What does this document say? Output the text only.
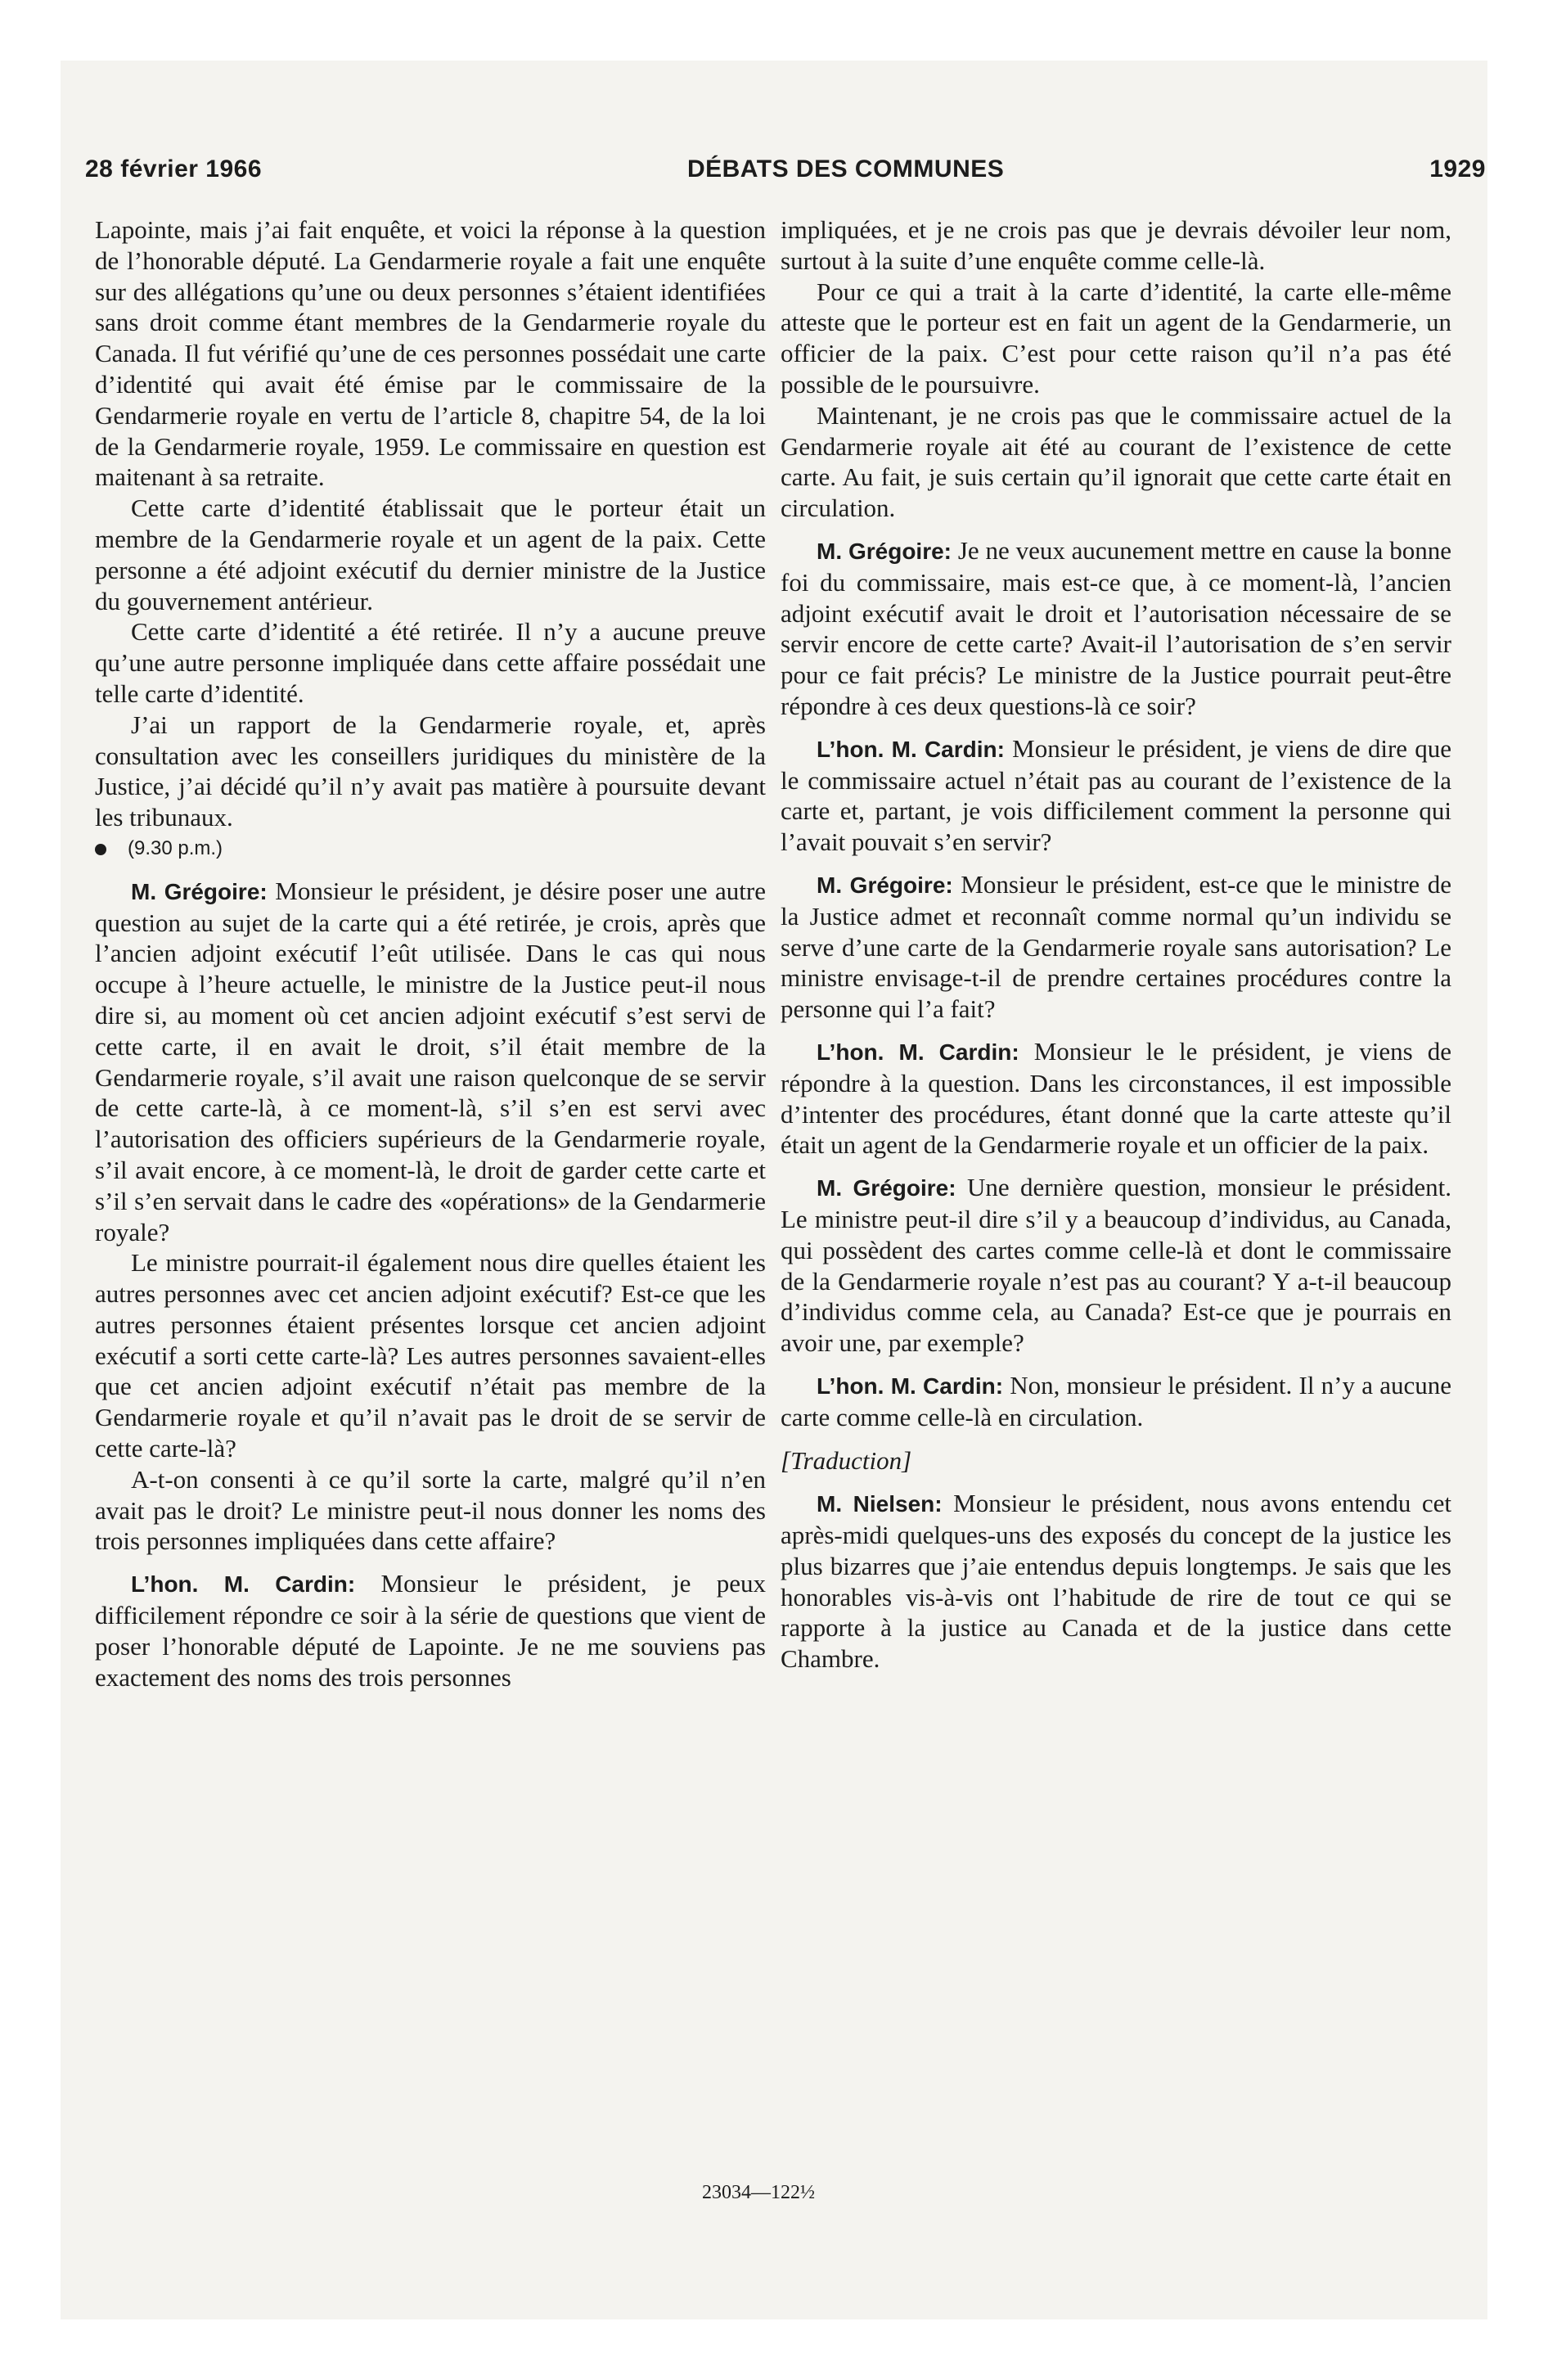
28 février 1966	DÉBATS DES COMMUNES	1929

Lapointe, mais j’ai fait enquête, et voici la réponse à la question de l’honorable député. La Gendarmerie royale a fait une enquête sur des allégations qu’une ou deux personnes s’étaient identifiées sans droit comme étant membres de la Gendarmerie royale du Canada. Il fut vérifié qu’une de ces personnes possédait une carte d’identité qui avait été émise par le commissaire de la Gendarmerie royale en vertu de l’article 8, chapitre 54, de la loi de la Gendarmerie royale, 1959. Le commissaire en question est maitenant à sa retraite.

Cette carte d’identité établissait que le porteur était un membre de la Gendarmerie royale et un agent de la paix. Cette personne a été adjoint exécutif du dernier ministre de la Justice du gouvernement antérieur.

Cette carte d’identité a été retirée. Il n’y a aucune preuve qu’une autre personne impliquée dans cette affaire possédait une telle carte d’identité.

J’ai un rapport de la Gendarmerie royale, et, après consultation avec les conseillers juridiques du ministère de la Justice, j’ai décidé qu’il n’y avait pas matière à poursuite devant les tribunaux.

(9.30 p.m.)

M. Grégoire: Monsieur le président, je désire poser une autre question au sujet de la carte qui a été retirée, je crois, après que l’ancien adjoint exécutif l’eût utilisée. Dans le cas qui nous occupe à l’heure actuelle, le ministre de la Justice peut-il nous dire si, au moment où cet ancien adjoint exécutif s’est servi de cette carte, il en avait le droit, s’il était membre de la Gendarmerie royale, s’il avait une raison quelconque de se servir de cette carte-là, à ce moment-là, s’il s’en est servi avec l’autorisation des officiers supérieurs de la Gendarmerie royale, s’il avait encore, à ce moment-là, le droit de garder cette carte et s’il s’en servait dans le cadre des «opérations» de la Gendarmerie royale?

Le ministre pourrait-il également nous dire quelles étaient les autres personnes avec cet ancien adjoint exécutif? Est-ce que les autres personnes étaient présentes lorsque cet ancien adjoint exécutif a sorti cette carte-là? Les autres personnes savaient-elles que cet ancien adjoint exécutif n’était pas membre de la Gendarmerie royale et qu’il n’avait pas le droit de se servir de cette carte-là?

A-t-on consenti à ce qu’il sorte la carte, malgré qu’il n’en avait pas le droit? Le ministre peut-il nous donner les noms des trois personnes impliquées dans cette affaire?

L’hon. M. Cardin: Monsieur le président, je peux difficilement répondre ce soir à la série de questions que vient de poser l’honorable député de Lapointe. Je ne me souviens pas exactement des noms des trois personnes

impliquées, et je ne crois pas que je devrais dévoiler leur nom, surtout à la suite d’une enquête comme celle-là.

Pour ce qui a trait à la carte d’identité, la carte elle-même atteste que le porteur est en fait un agent de la Gendarmerie, un officier de la paix. C’est pour cette raison qu’il n’a pas été possible de le poursuivre.

Maintenant, je ne crois pas que le commissaire actuel de la Gendarmerie royale ait été au courant de l’existence de cette carte. Au fait, je suis certain qu’il ignorait que cette carte était en circulation.

M. Grégoire: Je ne veux aucunement mettre en cause la bonne foi du commissaire, mais est-ce que, à ce moment-là, l’ancien adjoint exécutif avait le droit et l’autorisation nécessaire de se servir encore de cette carte? Avait-il l’autorisation de s’en servir pour ce fait précis? Le ministre de la Justice pourrait peut-être répondre à ces deux questions-là ce soir?

L’hon. M. Cardin: Monsieur le président, je viens de dire que le commissaire actuel n’était pas au courant de l’existence de la carte et, partant, je vois difficilement comment la personne qui l’avait pouvait s’en servir?

M. Grégoire: Monsieur le président, est-ce que le ministre de la Justice admet et reconnaît comme normal qu’un individu se serve d’une carte de la Gendarmerie royale sans autorisation? Le ministre envisage-t-il de prendre certaines procédures contre la personne qui l’a fait?

L’hon. M. Cardin: Monsieur le le président, je viens de répondre à la question. Dans les circonstances, il est impossible d’intenter des procédures, étant donné que la carte atteste qu’il était un agent de la Gendarmerie royale et un officier de la paix.

M. Grégoire: Une dernière question, monsieur le président. Le ministre peut-il dire s’il y a beaucoup d’individus, au Canada, qui possèdent des cartes comme celle-là et dont le commissaire de la Gendarmerie royale n’est pas au courant? Y a-t-il beaucoup d’individus comme cela, au Canada? Est-ce que je pourrais en avoir une, par exemple?

L’hon. M. Cardin: Non, monsieur le président. Il n’y a aucune carte comme celle-là en circulation.

[Traduction]

M. Nielsen: Monsieur le président, nous avons entendu cet après-midi quelques-uns des exposés du concept de la justice les plus bizarres que j’aie entendus depuis longtemps. Je sais que les honorables vis-à-vis ont l’habitude de rire de tout ce qui se rapporte à la justice au Canada et de la justice dans cette Chambre.

23034—122½
